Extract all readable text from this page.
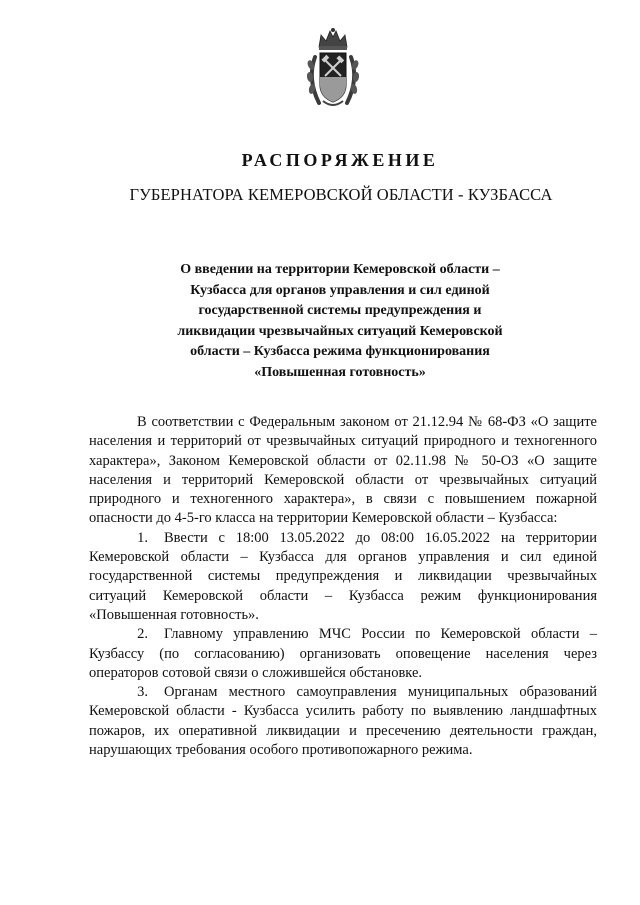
РАСПОРЯЖЕНИЕ
ГУБЕРНАТОРА КЕМЕРОВСКОЙ ОБЛАСТИ - КУЗБАССА
О введении на территории Кемеровской области –
Кузбасса для органов управления и сил единой
государственной системы предупреждения и
ликвидации чрезвычайных ситуаций Кемеровской
области – Кузбасса режима функционирования
«Повышенная готовность»

В соответствии с Федеральным законом от 21.12.94 № 68-ФЗ «О защите населения и территорий от чрезвычайных ситуаций природного и техногенного характера», Законом Кемеровской области от 02.11.98 № 50-ОЗ «О защите населения и территорий Кемеровской области от чрезвычайных ситуаций природного и техногенного характера», в связи с повышением пожарной опасности до 4-5-го класса на территории Кемеровской области – Кузбасса:

1. Ввести с 18:00 13.05.2022 до 08:00 16.05.2022 на территории Кемеровской области – Кузбасса для органов управления и сил единой государственной системы предупреждения и ликвидации чрезвычайных ситуаций Кемеровской области – Кузбасса режим функционирования «Повышенная готовность».

2. Главному управлению МЧС России по Кемеровской области – Кузбассу (по согласованию) организовать оповещение населения через операторов сотовой связи о сложившейся обстановке.

3. Органам местного самоуправления муниципальных образований Кемеровской области - Кузбасса усилить работу по выявлению ландшафтных пожаров, их оперативной ликвидации и пресечению деятельности граждан, нарушающих требования особого противопожарного режима.
